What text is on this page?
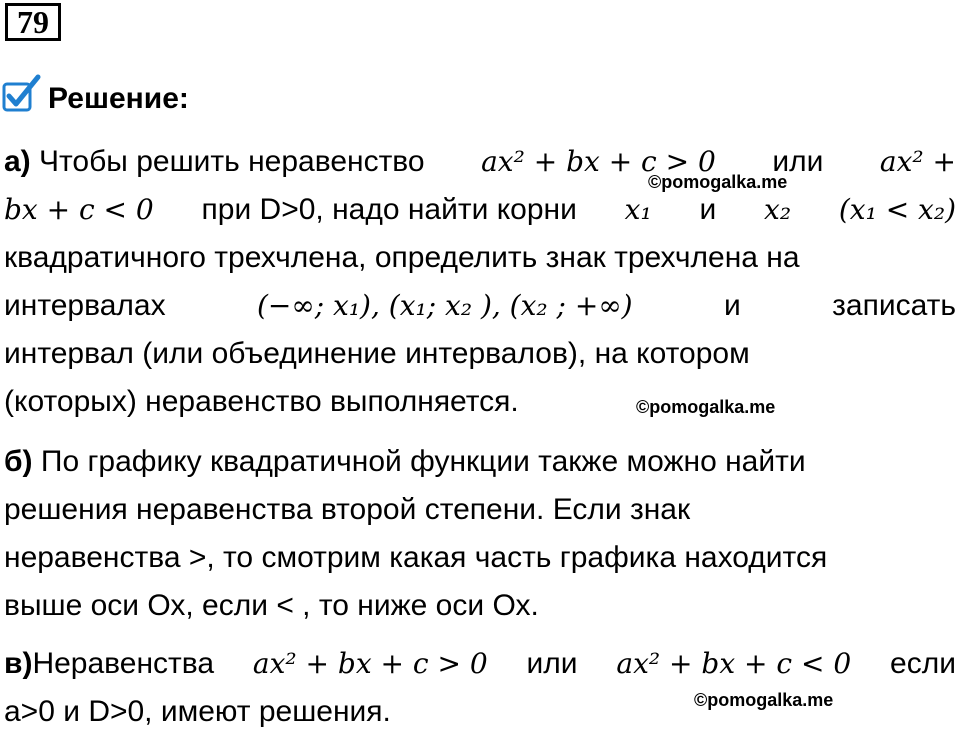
79
Решение:
а) Чтобы решить неравенство ax² + bx + c > 0 или ax² +
bx + c < 0 при D>0, надо найти корни x₁ и x₂ (x₁ < x₂)
квадратичного трехчлена, определить знак трехчлена на
интервалах	(−∞; x₁), (x₁; x₂ ), (x₂ ; +∞)	и	записать
интервал (или объединение интервалов), на котором
(которых) неравенство выполняется.
б) По графику квадратичной функции также можно найти
решения неравенства второй степени. Если знак
неравенства >, то смотрим какая часть графика находится
выше оси Ох, если < , то ниже оси Ох.
в)Неравенства ax² + bx + c > 0 или ax² + bx + c < 0 если
a>0 и D>0, имеют решения.
©pomogalka.me
©pomogalka.me
©pomogalka.me
